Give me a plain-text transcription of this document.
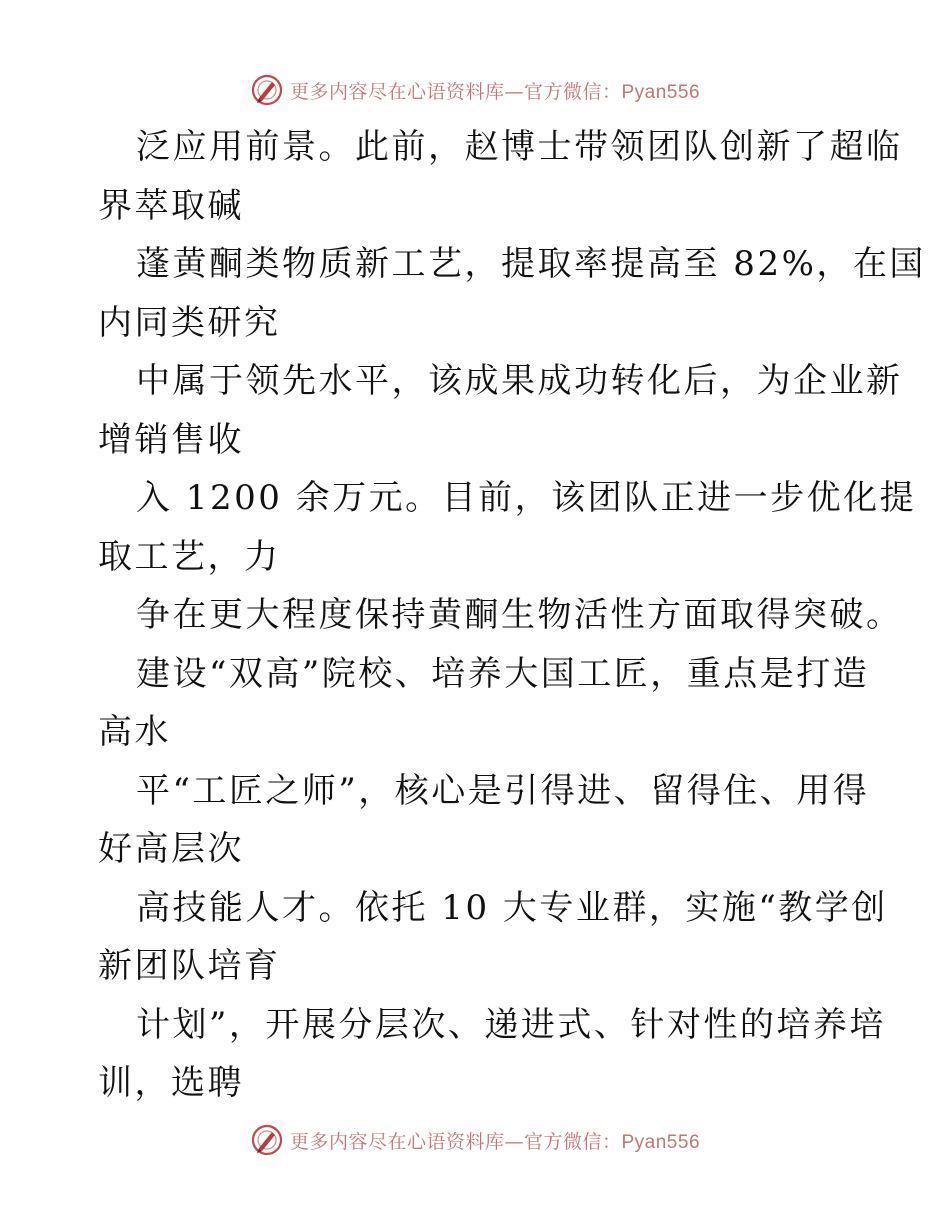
更多内容尽在心语资料库—官方微信：Pyan556
泛应用前景。此前，赵博士带领团队创新了超临
界萃取碱
蓬黄酮类物质新工艺，提取率提高至 82%，在国
内同类研究
中属于领先水平，该成果成功转化后，为企业新
增销售收
入 1200 余万元。目前，该团队正进一步优化提
取工艺，力
争在更大程度保持黄酮生物活性方面取得突破。
建设“双高”院校、培养大国工匠，重点是打造
高水
平“工匠之师”，核心是引得进、留得住、用得
好高层次
高技能人才。依托 10 大专业群，实施“教学创
新团队培育
计划”，开展分层次、递进式、针对性的培养培
训，选聘
更多内容尽在心语资料库—官方微信：Pyan556
